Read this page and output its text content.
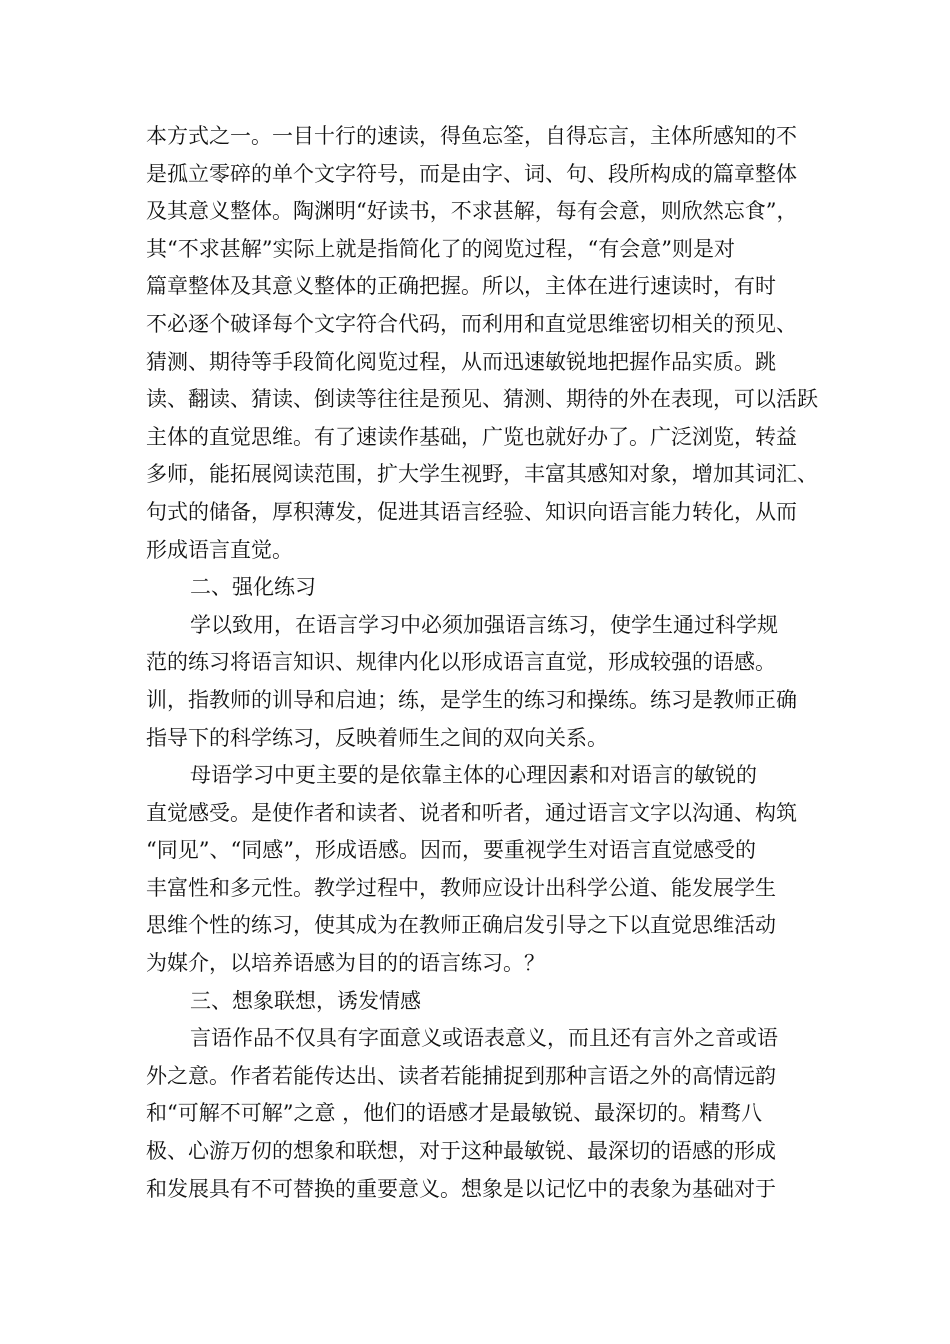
本方式之一。一目十行的速读，得鱼忘筌，自得忘言，主体所感知的不
是孤立零碎的单个文字符号，而是由字、词、句、段所构成的篇章整体
及其意义整体。陶渊明“好读书，不求甚解，每有会意，则欣然忘食”，
其“不求甚解”实际上就是指简化了的阅览过程，“有会意”则是对
篇章整体及其意义整体的正确把握。所以，主体在进行速读时，有时
不必逐个破译每个文字符合代码，而利用和直觉思维密切相关的预见、
猜测、期待等手段简化阅览过程，从而迅速敏锐地把握作品实质。跳
读、翻读、猜读、倒读等往往是预见、猜测、期待的外在表现，可以活跃
主体的直觉思维。有了速读作基础，广览也就好办了。广泛浏览，转益
多师，能拓展阅读范围，扩大学生视野，丰富其感知对象，增加其词汇、
句式的储备，厚积薄发，促进其语言经验、知识向语言能力转化，从而
形成语言直觉。
二、强化练习
学以致用，在语言学习中必须加强语言练习，使学生通过科学规
范的练习将语言知识、规律内化以形成语言直觉，形成较强的语感。
训，指教师的训导和启迪；练，是学生的练习和操练。练习是教师正确
指导下的科学练习，反映着师生之间的双向关系。
母语学习中更主要的是依靠主体的心理因素和对语言的敏锐的
直觉感受。是使作者和读者、说者和听者，通过语言文字以沟通、构筑
“同见”、“同感”，形成语感。因而，要重视学生对语言直觉感受的
丰富性和多元性。教学过程中，教师应设计出科学公道、能发展学生
思维个性的练习，使其成为在教师正确启发引导之下以直觉思维活动
为媒介，以培养语感为目的的语言练习。？
三、想象联想，诱发情感
言语作品不仅具有字面意义或语表意义，而且还有言外之音或语
外之意。作者若能传达出、读者若能捕捉到那种言语之外的高情远韵
和“可解不可解”之意 ，他们的语感才是最敏锐、最深切的。精骛八
极、心游万仞的想象和联想，对于这种最敏锐、最深切的语感的形成
和发展具有不可替换的重要意义。想象是以记忆中的表象为基础对于
